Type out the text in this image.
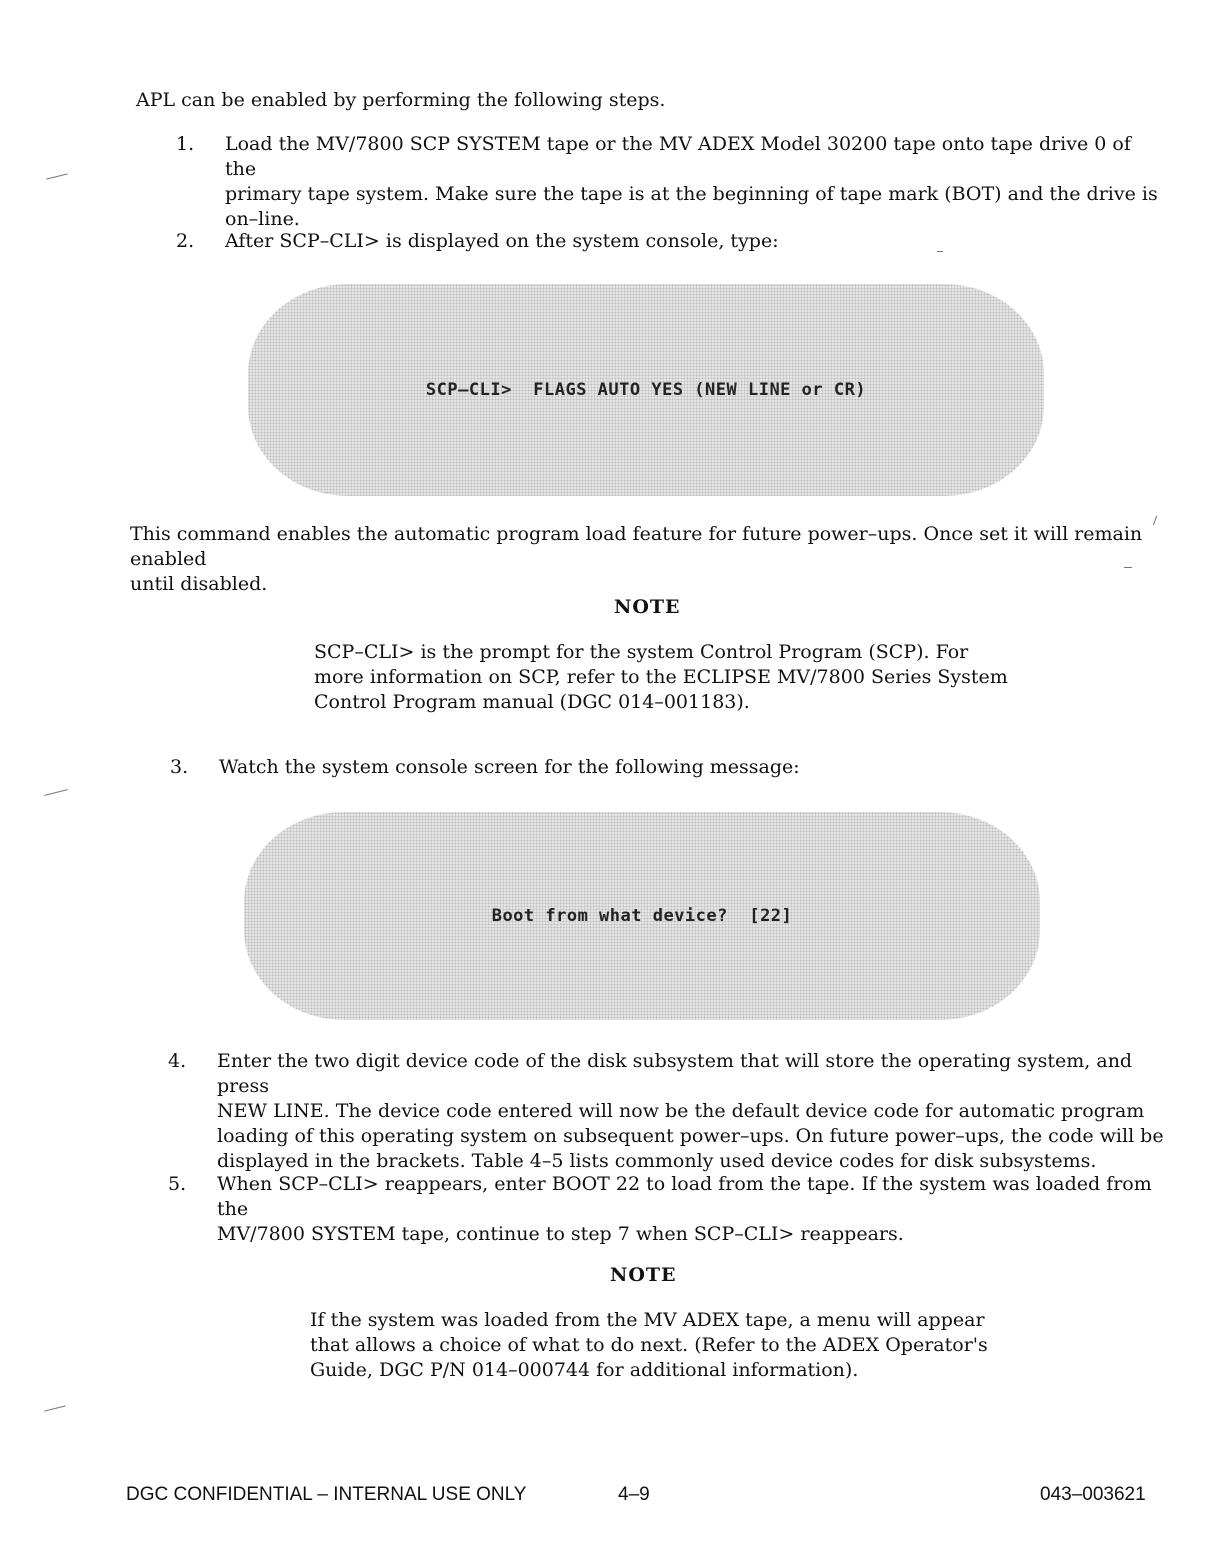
APL can be enabled by performing the following steps.
1. Load the MV/7800 SCP SYSTEM tape or the MV ADEX Model 30200 tape onto tape drive 0 of the
primary tape system. Make sure the tape is at the beginning of tape mark (BOT) and the drive is
on–line.
2. After SCP–CLI> is displayed on the system console, type:
SCP–CLI>  FLAGS AUTO YES (NEW LINE or CR)
This command enables the automatic program load feature for future power–ups. Once set it will remain enabled
until disabled.
NOTE
SCP–CLI> is the prompt for the system Control Program (SCP). For
more information on SCP, refer to the ECLIPSE MV/7800 Series System
Control Program manual (DGC 014–001183).
3. Watch the system console screen for the following message:
Boot from what device?  [22]
4. Enter the two digit device code of the disk subsystem that will store the operating system, and press
NEW LINE. The device code entered will now be the default device code for automatic program
loading of this operating system on subsequent power–ups. On future power–ups, the code will be
displayed in the brackets. Table 4–5 lists commonly used device codes for disk subsystems.
5. When SCP–CLI> reappears, enter BOOT 22 to load from the tape. If the system was loaded from the
MV/7800 SYSTEM tape, continue to step 7 when SCP–CLI> reappears.
NOTE
If the system was loaded from the MV ADEX tape, a menu will appear
that allows a choice of what to do next. (Refer to the ADEX Operator's
Guide, DGC P/N 014–000744 for additional information).
DGC CONFIDENTIAL – INTERNAL USE ONLY	4–9	043–003621
